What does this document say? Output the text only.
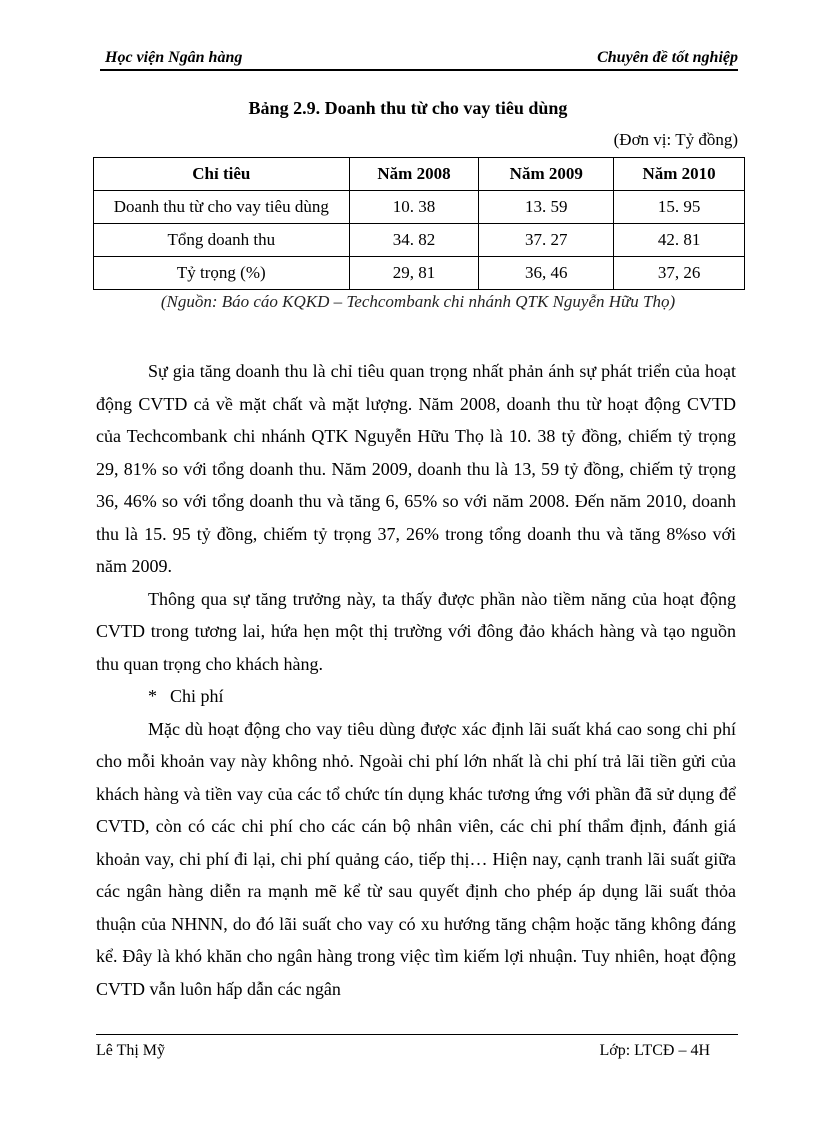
Học viện Ngân hàng	Chuyên đề tốt nghiệp
Bảng 2.9. Doanh thu từ cho vay tiêu dùng
(Đơn vị: Tỷ đồng)
Chỉ tiêu	Năm 2008	Năm 2009	Năm 2010
Doanh thu từ cho vay tiêu dùng	10. 38	13. 59	15. 95
Tổng doanh thu	34. 82	37. 27	42. 81
Tỷ trọng (%)	29, 81	36, 46	37, 26
(Nguồn: Báo cáo KQKD – Techcombank chi nhánh QTK Nguyễn Hữu Thọ)

Sự gia tăng doanh thu là chỉ tiêu quan trọng nhất phản ánh sự phát triển của hoạt động CVTD cả về mặt chất và mặt lượng. Năm 2008, doanh thu từ hoạt động CVTD của Techcombank chi nhánh QTK Nguyễn Hữu Thọ là 10. 38 tỷ đồng, chiếm tỷ trọng 29, 81% so với tổng doanh thu. Năm 2009, doanh thu là 13, 59 tỷ đồng, chiếm tỷ trọng 36, 46% so với tổng doanh thu và tăng 6, 65% so với năm 2008. Đến năm 2010, doanh thu là 15. 95 tỷ đồng, chiếm tỷ trọng 37, 26% trong tổng doanh thu và tăng 8%so với năm 2009.

Thông qua sự tăng trưởng này, ta thấy được phần nào tiềm năng của hoạt động CVTD trong tương lai, hứa hẹn một thị trường với đông đảo khách hàng và tạo nguồn thu quan trọng cho khách hàng.

* Chi phí

Mặc dù hoạt động cho vay tiêu dùng được xác định lãi suất khá cao song chi phí cho mỗi khoản vay này không nhỏ. Ngoài chi phí lớn nhất là chi phí trả lãi tiền gửi của khách hàng và tiền vay của các tổ chức tín dụng khác tương ứng với phần đã sử dụng để CVTD, còn có các chi phí cho các cán bộ nhân viên, các chi phí thẩm định, đánh giá khoản vay, chi phí đi lại, chi phí quảng cáo, tiếp thị… Hiện nay, cạnh tranh lãi suất giữa các ngân hàng diễn ra mạnh mẽ kể từ sau quyết định cho phép áp dụng lãi suất thỏa thuận của NHNN, do đó lãi suất cho vay có xu hướng tăng chậm hoặc tăng không đáng kể. Đây là khó khăn cho ngân hàng trong việc tìm kiếm lợi nhuận. Tuy nhiên, hoạt động CVTD vẫn luôn hấp dẫn các ngân

Lê Thị Mỹ	Lớp: LTCĐ – 4H
